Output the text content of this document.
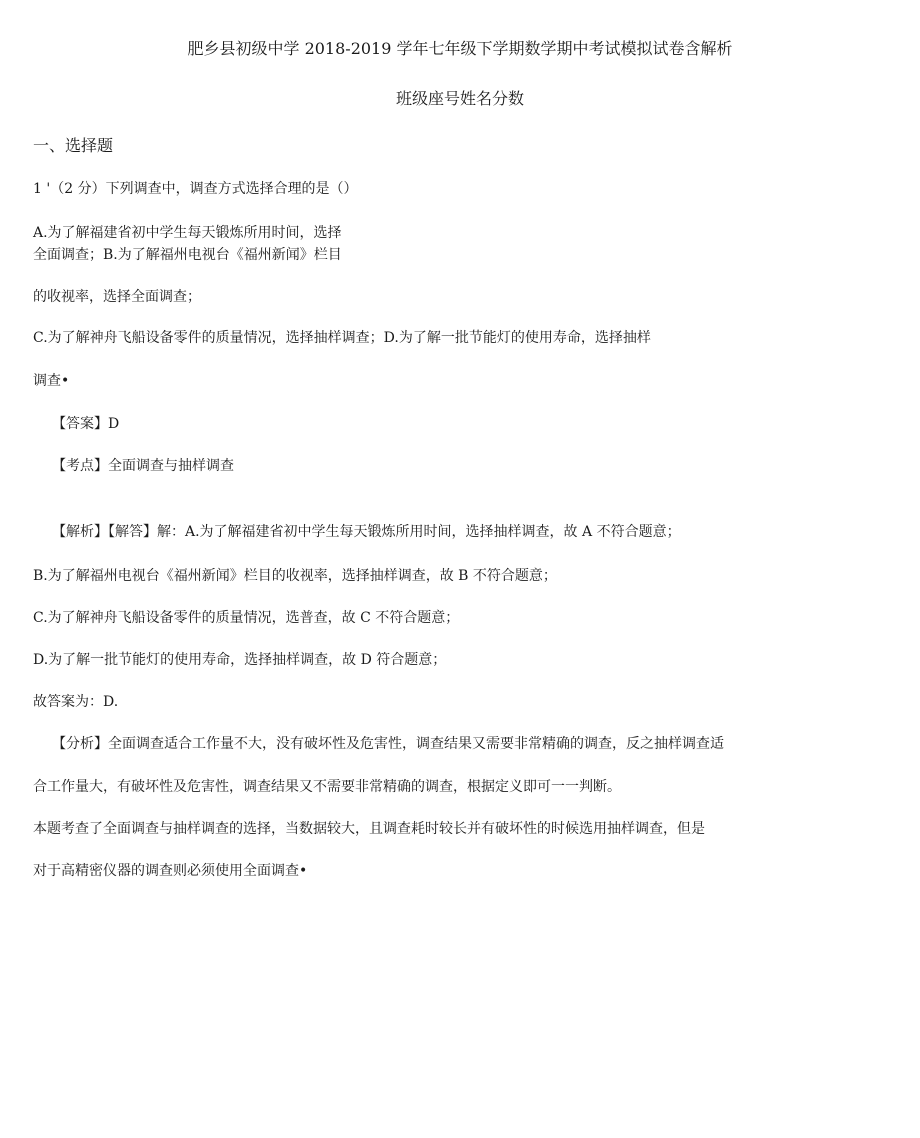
肥乡县初级中学 2018-2019 学年七年级下学期数学期中考试模拟试卷含解析
班级座号姓名分数
一、选择题
1 '（2 分）下列调查中，调查方式选择合理的是（）
A.为了解福建省初中学生每天锻炼所用时间，选择
全面调查；B.为了解福州电视台《福州新闻》栏目
的收视率，选择全面调查；
C.为了解神舟飞船设备零件的质量情况，选择抽样调查；D.为了解一批节能灯的使用寿命，选择抽样
调查•
【答案】D
【考点】全面调查与抽样调查
【解析】【解答】解：A.为了解福建省初中学生每天锻炼所用时间，选择抽样调查，故 A 不符合题意；
B.为了解福州电视台《福州新闻》栏目的收视率，选择抽样调查，故 B 不符合题意；
C.为了解神舟飞船设备零件的质量情况，选普查，故 C 不符合题意；
D.为了解一批节能灯的使用寿命，选择抽样调查，故 D 符合题意；
故答案为：D.
【分析】全面调查适合工作量不大，没有破坏性及危害性，调查结果又需要非常精确的调查，反之抽样调查适
合工作量大，有破坏性及危害性，调查结果又不需要非常精确的调查，根据定义即可一一判断。
本题考查了全面调查与抽样调查的选择，当数据较大，且调查耗时较长并有破坏性的时候选用抽样调查，但是
对于高精密仪器的调查则必须使用全面调查•
